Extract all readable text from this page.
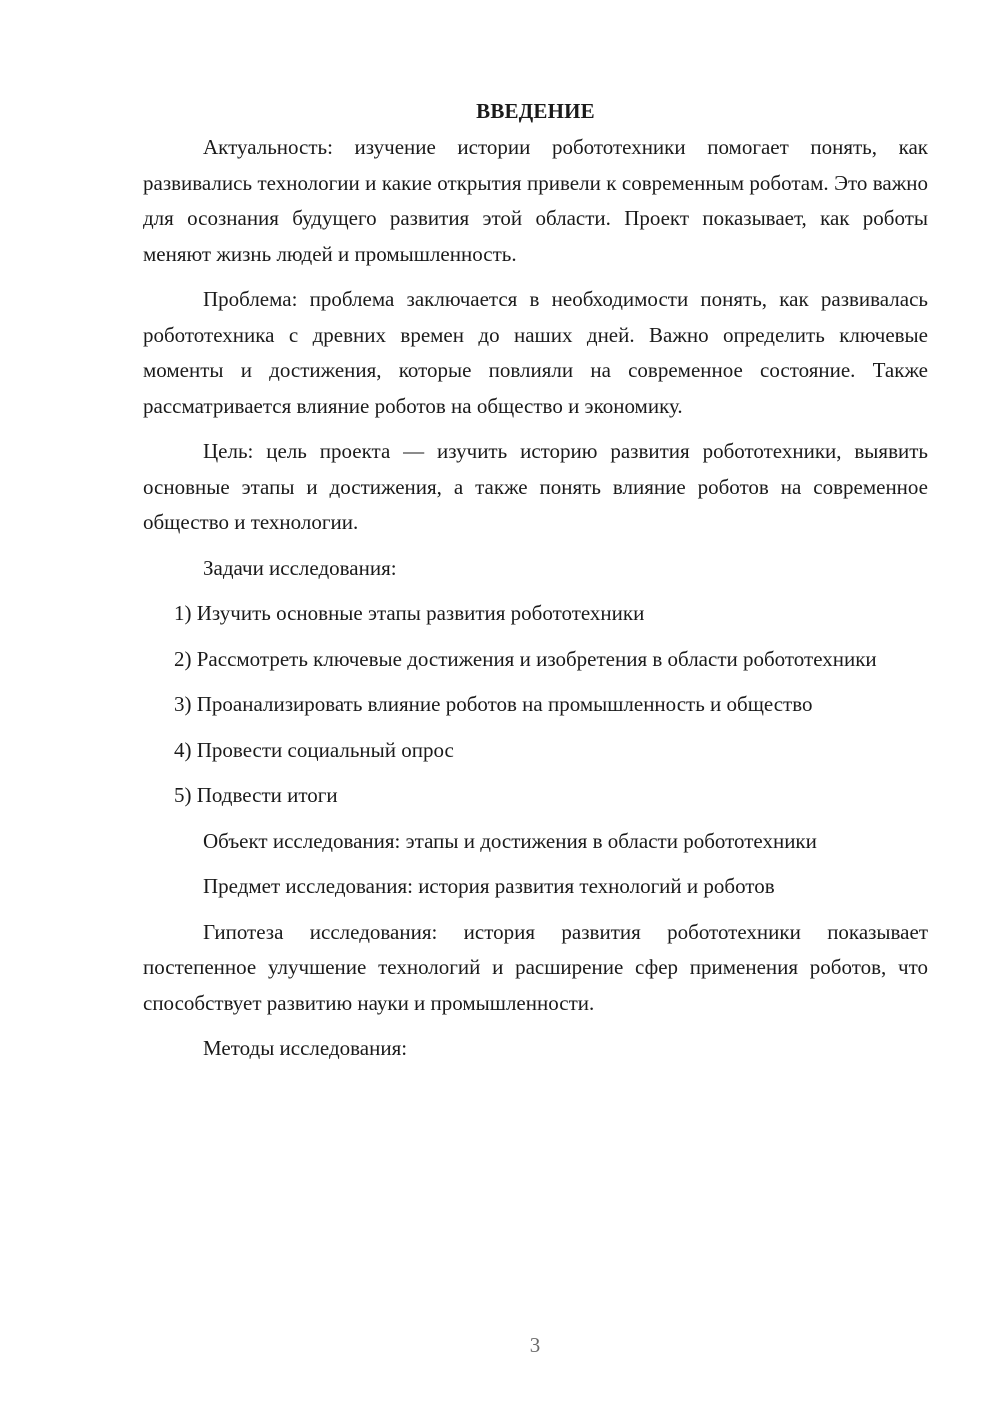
ВВЕДЕНИЕ

Актуальность: изучение истории робототехники помогает понять, как развивались технологии и какие открытия привели к современным роботам. Это важно для осознания будущего развития этой области. Проект показывает, как роботы меняют жизнь людей и промышленность.

Проблема: проблема заключается в необходимости понять, как развивалась робототехника с древних времен до наших дней. Важно определить ключевые моменты и достижения, которые повлияли на современное состояние. Также рассматривается влияние роботов на общество и экономику.

Цель: цель проекта — изучить историю развития робототехники, выявить основные этапы и достижения, а также понять влияние роботов на современное общество и технологии.

Задачи исследования:

1) Изучить основные этапы развития робототехники

2) Рассмотреть ключевые достижения и изобретения в области робототехники

3) Проанализировать влияние роботов на промышленность и общество

4) Провести социальный опрос

5) Подвести итоги

Объект исследования: этапы и достижения в области робототехники

Предмет исследования: история развития технологий и роботов

Гипотеза исследования: история развития робототехники показывает постепенное улучшение технологий и расширение сфер применения роботов, что способствует развитию науки и промышленности.

Методы исследования:

3
